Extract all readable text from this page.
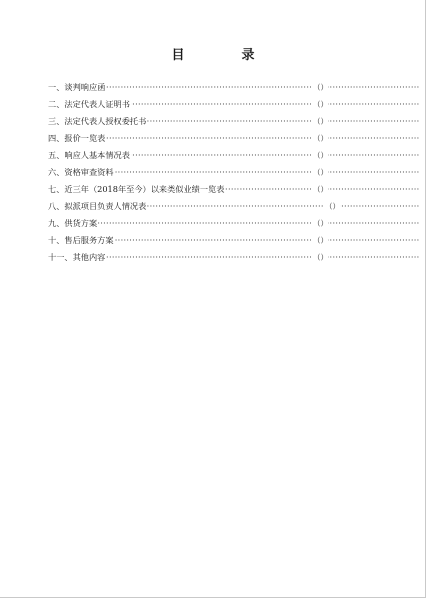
目　录
一、谈判响应函	（）
·····
二、法定代表人证明书	（）
·····
三、法定代表人授权委托书	（）
·····
四、报价一览表	（）
·····
五、响应人基本情况表	（）
·····
六、资格审查资料	（）
·····
七、近三年（2018年至今）以来类似业绩一览表	（）
·····
八、拟派项目负责人情况表	（）
·····
九、供货方案	（）
·····
十、售后服务方案	（）
·····
十一、其他内容	（）
·····
